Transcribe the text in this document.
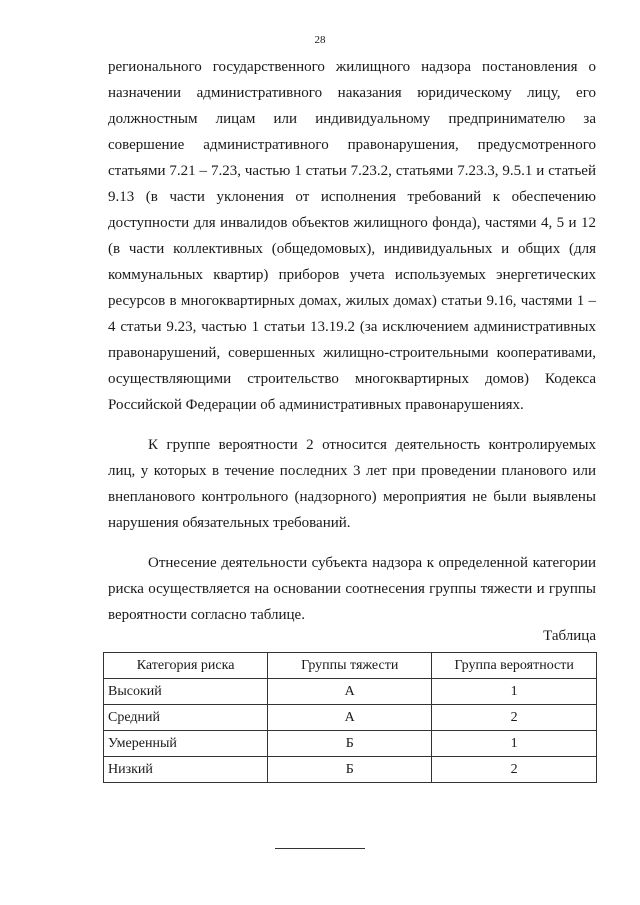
28

регионального государственного жилищного надзора постановления о назначении административного наказания юридическому лицу, его должностным лицам или индивидуальному предпринимателю за совершение административного правонарушения, предусмотренного статьями 7.21 – 7.23, частью 1 статьи 7.23.2, статьями 7.23.3, 9.5.1 и статьей 9.13 (в части уклонения от исполнения требований к обеспечению доступности для инвалидов объектов жилищного фонда), частями 4, 5 и 12 (в части коллективных (общедомовых), индивидуальных и общих (для коммунальных квартир) приборов учета используемых энергетических ресурсов в многоквартирных домах, жилых домах) статьи 9.16, частями 1 – 4 статьи 9.23, частью 1 статьи 13.19.2 (за исключением административных правонарушений, совершенных жилищно-строительными кооперативами, осуществляющими строительство многоквартирных домов) Кодекса Российской Федерации об административных правонарушениях.

К группе вероятности 2 относится деятельность контролируемых лиц, у которых в течение последних 3 лет при проведении планового или внепланового контрольного (надзорного) мероприятия не были выявлены нарушения обязательных требований.

Отнесение деятельности субъекта надзора к определенной категории риска осуществляется на основании соотнесения группы тяжести и группы вероятности согласно таблице.

Таблица
Категория риска	Группы тяжести	Группа вероятности
Высокий	А	1
Средний	А	2
Умеренный	Б	1
Низкий	Б	2
